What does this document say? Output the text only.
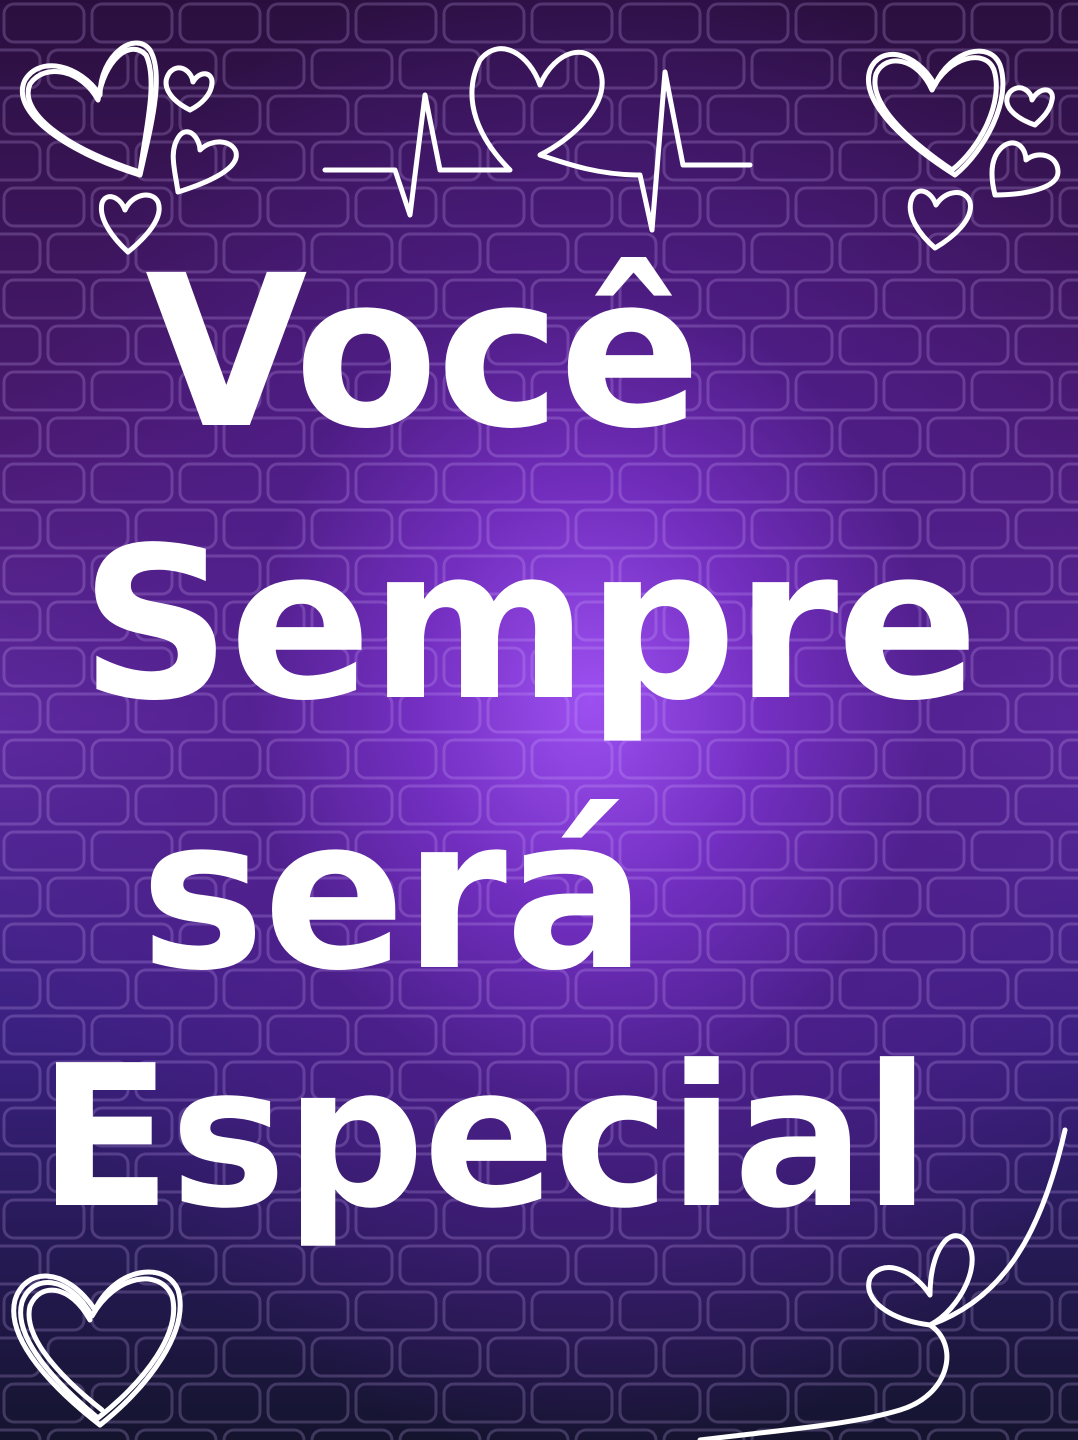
Você
Sempre
será
Especial
